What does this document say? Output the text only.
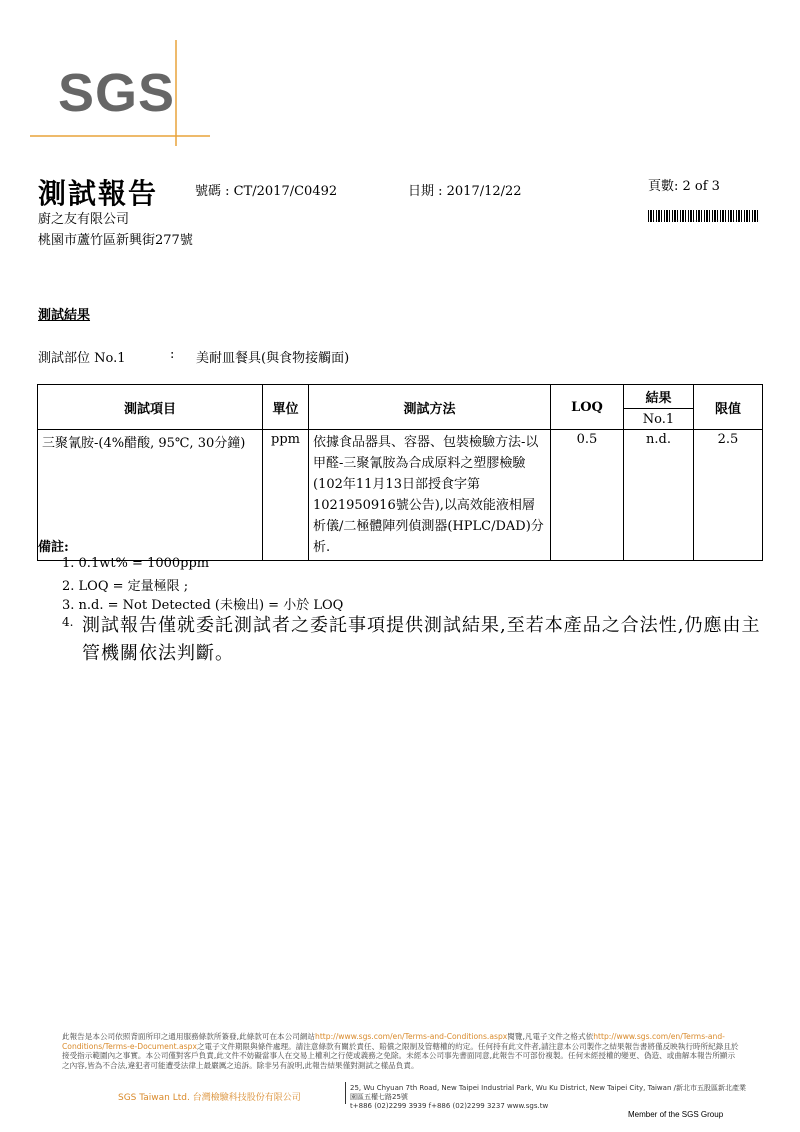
SGS
測試報告	號碼 : CT/2017/C0492	日期 : 2017/12/22	頁數: 2 of 3
廚之友有限公司
桃園市蘆竹區新興街277號
測試結果
測試部位 No.1	: 美耐皿餐具(與食物接觸面)
測試項目	單位	測試方法	LOQ	結果	限值
				No.1	
三聚氰胺-(4%醋酸, 95℃, 30分鐘)	ppm	依據食品器具、容器、包裝檢驗方法-以甲醛-三聚氰胺為合成原料之塑膠檢驗(102年11月13日部授食字第1021950916號公告),以高效能液相層析儀/二極體陣列偵測器(HPLC/DAD)分析.	0.5	n.d.	2.5
備註:
1. 0.1wt% = 1000ppm
2. LOQ = 定量極限 ;
3. n.d. = Not Detected (未檢出) = 小於 LOQ
4. 測試報告僅就委託測試者之委託事項提供測試結果,至若本產品之合法性,仍應由主管機關依法判斷。
此報告是本公司依照背面所印之通用服務條款所簽發,此條款可在本公司網站http://www.sgs.com/en/Terms-and-Conditions.aspx閱覽,凡電子文件之格式依http://www.sgs.com/en/Terms-and-Conditions/Terms-e-Document.aspx之電子文件期限與條件處理。請注意條款有關於責任、賠償之限制及管轄權的約定。任何持有此文件者,請注意本公司製作之結果報告書將僅反映執行時所紀錄且於接受指示範圍內之事實。本公司僅對客戶負責,此文件不妨礙當事人在交易上權利之行使或義務之免除。未經本公司事先書面同意,此報告不可部份複製。任何未經授權的變更、偽造、或曲解本報告所顯示之內容,皆為不合法,違犯者可能遭受法律上最嚴厲之追訴。除非另有說明,此報告結果僅對測試之樣品負責。
SGS Taiwan Ltd. 台灣檢驗科技股份有限公司
25, Wu Chyuan 7th Road, New Taipei Industrial Park, Wu Ku District, New Taipei City, Taiwan /新北市五股區新北產業園區五權七路25號
t+886 (02)2299 3939 f+886 (02)2299 3237 www.sgs.tw
Member of the SGS Group
